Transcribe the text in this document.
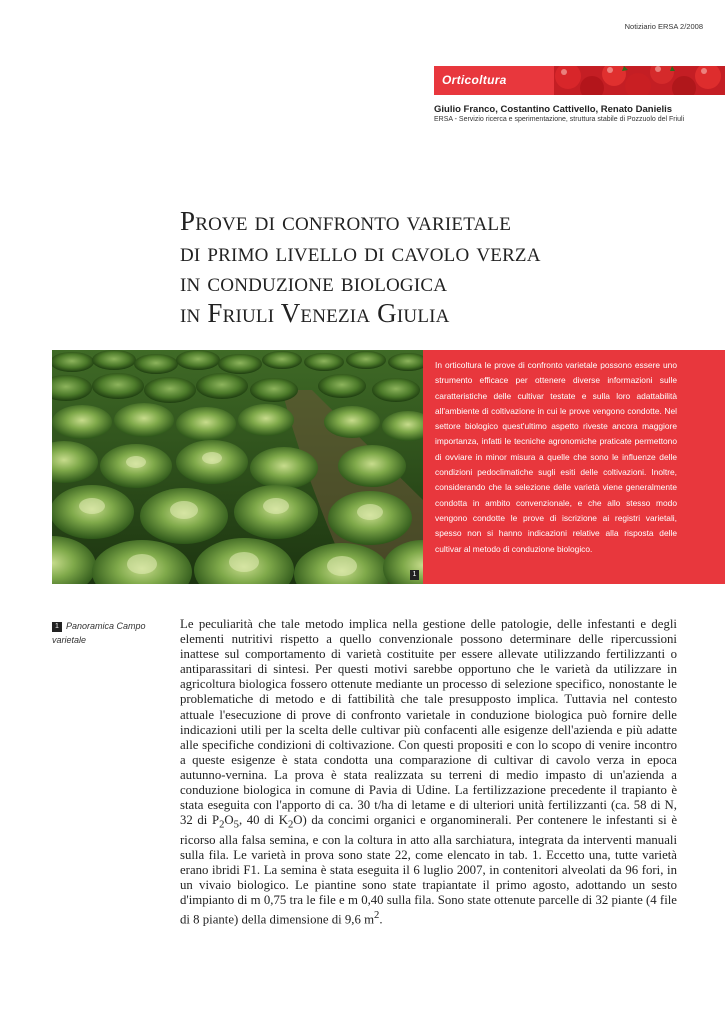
Notiziario ERSA 2/2008
Orticoltura
Giulio Franco, Costantino Cattivello, Renato Danielis
ERSA - Servizio ricerca e sperimentazione, struttura stabile di Pozzuolo del Friuli
Prove di confronto varietale
di primo livello di cavolo verza
in conduzione biologica
in Friuli Venezia Giulia
1
In orticoltura le prove di confronto varietale possono essere uno strumento efficace per ottenere diverse informazioni sulle caratteristiche delle cultivar testate e sulla loro adattabilità all'ambiente di coltivazione in cui le prove vengono condotte. Nel settore biologico quest'ultimo aspetto riveste ancora maggiore importanza, infatti le tecniche agronomiche praticate permettono di ovviare in minor misura a quelle che sono le influenze delle condizioni pedoclimatiche sugli esiti delle coltivazioni. Inoltre, considerando che la selezione delle varietà viene generalmente condotta in ambito convenzionale, e che allo stesso modo vengono condotte le prove di iscrizione ai registri varietali, spesso non si hanno indicazioni relative alla risposta delle cultivar al metodo di conduzione biologico.
1 Panoramica Campo varietale

Le peculiarità che tale metodo implica nella gestione delle patologie, delle infestanti e degli elementi nutritivi rispetto a quello convenzionale possono determinare delle ripercussioni inattese sul comportamento di varietà costituite per essere allevate utilizzando fertilizzanti o antiparassitari di sintesi. Per questi motivi sarebbe opportuno che le varietà da utilizzare in agricoltura biologica fossero ottenute mediante un processo di selezione specifico, nonostante le problematiche di metodo e di fattibilità che tale presupposto implica. Tuttavia nel contesto attuale l'esecuzione di prove di confronto varietale in conduzione biologica può fornire delle indicazioni utili per la scelta delle cultivar più confacenti alle esigenze dell'azienda e più adatte alle specifiche condizioni di coltivazione. Con questi propositi e con lo scopo di venire incontro a queste esigenze è stata condotta una comparazione di cultivar di cavolo verza in epoca autunno-vernina. La prova è stata realizzata su terreni di medio impasto di un'azienda a conduzione biologica in comune di Pavia di Udine. La fertilizzazione precedente il trapianto è stata eseguita con l'apporto di ca. 30 t/ha di letame e di ulteriori unità fertilizzanti (ca. 58 di N, 32 di $P_2O_5$, 40 di $K_2O$) da concimi organici e organominerali. Per contenere le infestanti si è ricorso alla falsa semina, e con la coltura in atto alla sarchiatura, integrata da interventi manuali sulla fila. Le varietà in prova sono state 22, come elencato in tab. 1. Eccetto una, tutte varietà erano ibridi F1. La semina è stata eseguita il 6 luglio 2007, in contenitori alveolati da 96 fori, in un vivaio biologico. Le piantine sono state trapiantate il primo agosto, adottando un sesto d'impianto di m 0,75 tra le file e m 0,40 sulla fila. Sono state ottenute parcelle di 32 piante (4 file di 8 piante) della dimensione di 9,6 $m^2$.
